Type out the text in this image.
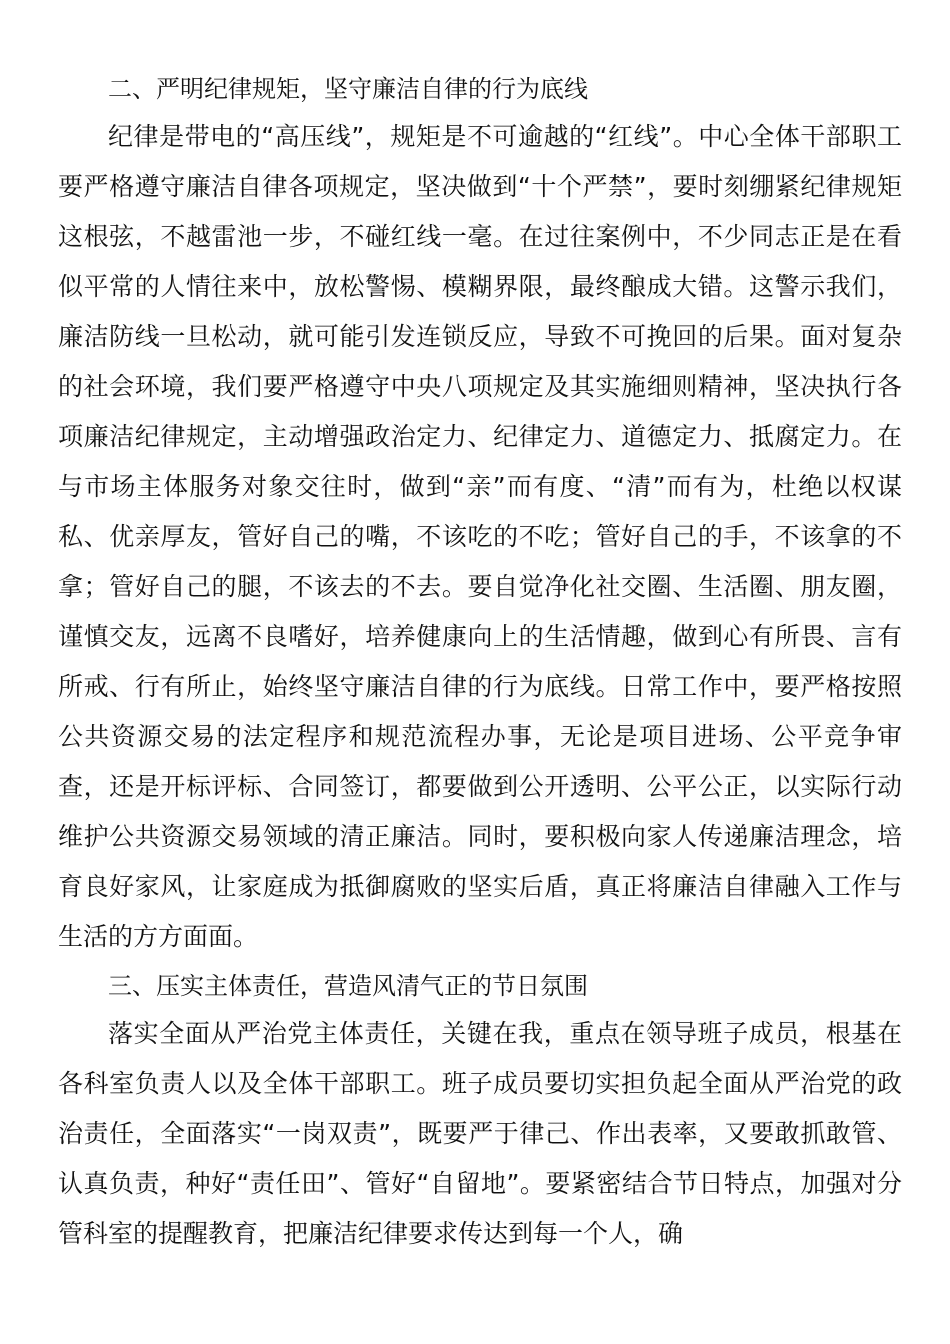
二、严明纪律规矩，坚守廉洁自律的行为底线

纪律是带电的“高压线”，规矩是不可逾越的“红线”。中心全体干部职工要严格遵守廉洁自律各项规定，坚决做到“十个严禁”，要时刻绷紧纪律规矩这根弦，不越雷池一步，不碰红线一毫。在过往案例中，不少同志正是在看似平常的人情往来中，放松警惕、模糊界限，最终酿成大错。这警示我们，廉洁防线一旦松动，就可能引发连锁反应，导致不可挽回的后果。面对复杂的社会环境，我们要严格遵守中央八项规定及其实施细则精神，坚决执行各项廉洁纪律规定，主动增强政治定力、纪律定力、道德定力、抵腐定力。在与市场主体服务对象交往时，做到“亲”而有度、“清”而有为，杜绝以权谋私、优亲厚友，管好自己的嘴，不该吃的不吃；管好自己的手，不该拿的不拿；管好自己的腿，不该去的不去。要自觉净化社交圈、生活圈、朋友圈，谨慎交友，远离不良嗜好，培养健康向上的生活情趣，做到心有所畏、言有所戒、行有所止，始终坚守廉洁自律的行为底线。日常工作中，要严格按照公共资源交易的法定程序和规范流程办事，无论是项目进场、公平竞争审查，还是开标评标、合同签订，都要做到公开透明、公平公正，以实际行动维护公共资源交易领域的清正廉洁。同时，要积极向家人传递廉洁理念，培育良好家风，让家庭成为抵御腐败的坚实后盾，真正将廉洁自律融入工作与生活的方方面面。

三、压实主体责任，营造风清气正的节日氛围

落实全面从严治党主体责任，关键在我，重点在领导班子成员，根基在各科室负责人以及全体干部职工。班子成员要切实担负起全面从严治党的政治责任，全面落实“一岗双责”，既要严于律己、作出表率，又要敢抓敢管、认真负责，种好“责任田”、管好“自留地”。要紧密结合节日特点，加强对分管科室的提醒教育，把廉洁纪律要求传达到每一个人，确
